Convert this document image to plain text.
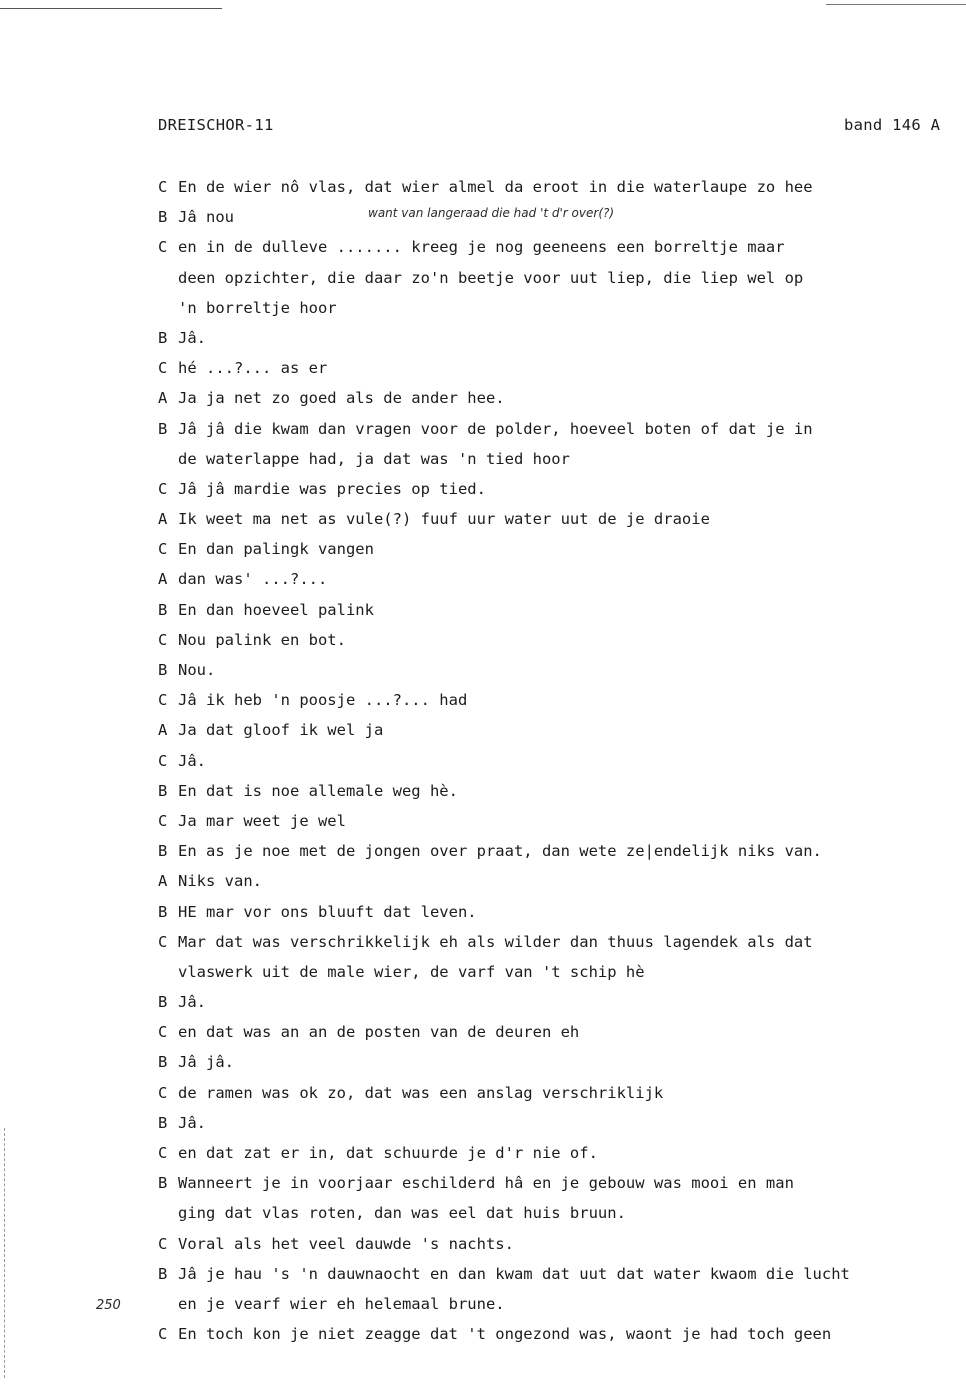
DREISCHOR-11	band 146 A
want van langeraad die had 't d'r over(?)
C En de wier nô vlas, dat wier almel da eroot in die waterlaupe zo hee
B Jâ nou
C en in de dulleve ....... kreeg je nog geeneens een borreltje maar
deen opzichter, die daar zo'n beetje voor uut liep, die liep wel op
'n borreltje hoor
B Jâ.
C hé ...?... as er
A Ja ja net zo goed als de ander hee.
B Jâ jâ die kwam dan vragen voor de polder, hoeveel boten of dat je in
de waterlappe had, ja dat was 'n tied hoor
C Jâ jâ mardie was precies op tied.
A Ik weet ma net as vule(?) fuuf uur water uut de je draoie
C En dan palingk vangen
A dan was' ...?...
B En dan hoeveel palink
C Nou palink en bot.
B Nou.
C Jâ ik heb 'n poosje ...?... had
A Ja dat gloof ik wel ja
C Jâ.
B En dat is noe allemale weg hè.
C Ja mar weet je wel
B En as je noe met de jongen over praat, dan wete ze|endelijk niks van.
A Niks van.
B HE mar vor ons bluuft dat leven.
C Mar dat was verschrikkelijk eh als wilder dan thuus lagendek als dat
vlaswerk uit de male wier, de varf van 't schip hè
B Jâ.
C en dat was an an de posten van de deuren eh
B Jâ jâ.
C de ramen was ok zo, dat was een anslag verschriklijk
B Jâ.
C en dat zat er in, dat schuurde je d'r nie of.
B Wanneert je in voorjaar eschilderd hâ en je gebouw was mooi en man
ging dat vlas roten, dan was eel dat huis bruun.
C Voral als het veel dauwde 's nachts.
B Jâ je hau 's 'n dauwnaocht en dan kwam dat uut dat water kwaom die lucht
en je vearf wier eh helemaal brune.
C En toch kon je niet zeagge dat 't ongezond was, waont je had toch geen
250
